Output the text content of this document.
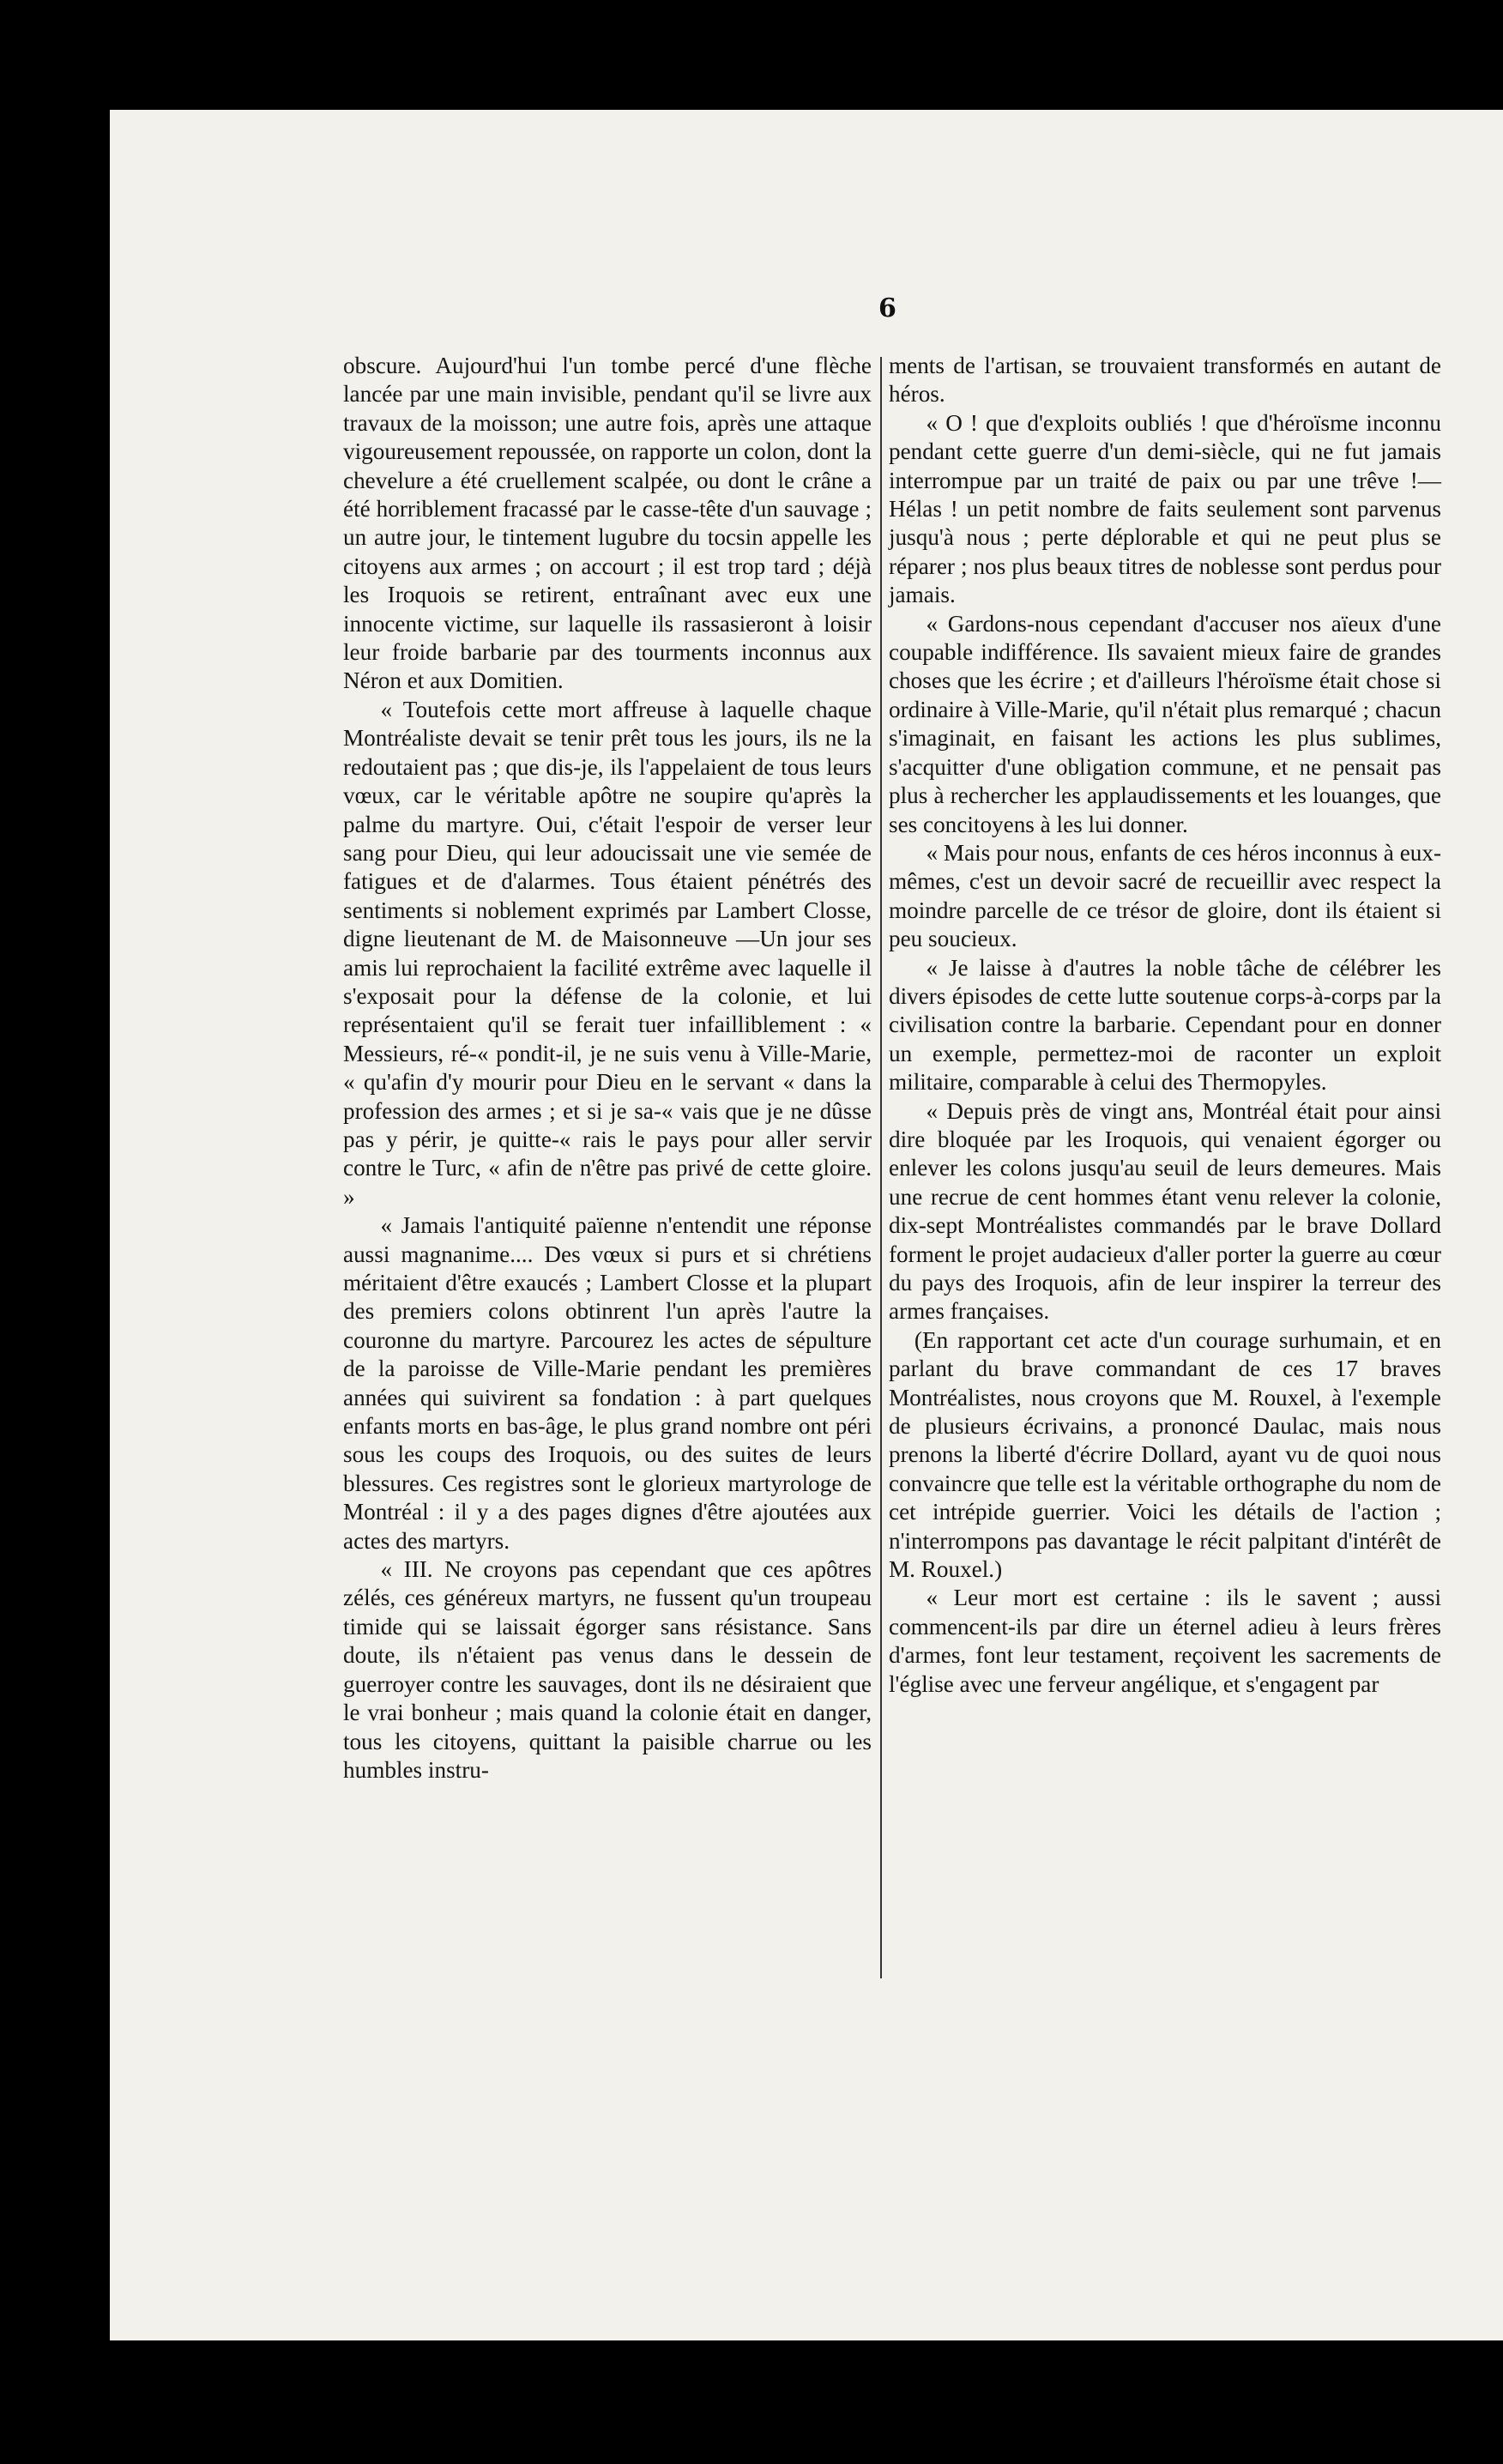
6

obscure. Aujourd'hui l'un tombe percé d'une flèche lancée par une main invisible, pendant qu'il se livre aux travaux de la moisson; une autre fois, après une attaque vigoureusement repoussée, on rapporte un colon, dont la chevelure a été cruellement scalpée, ou dont le crâne a été horriblement fracassé par le casse-tête d'un sauvage ; un autre jour, le tintement lugubre du tocsin appelle les citoyens aux armes ; on accourt ; il est trop tard ; déjà les Iroquois se retirent, entraînant avec eux une innocente victime, sur laquelle ils rassasieront à loisir leur froide barbarie par des tourments inconnus aux Néron et aux Domitien.

« Toutefois cette mort affreuse à laquelle chaque Montréaliste devait se tenir prêt tous les jours, ils ne la redoutaient pas ; que dis-je, ils l'appelaient de tous leurs vœux, car le véritable apôtre ne soupire qu'après la palme du martyre. Oui, c'était l'espoir de verser leur sang pour Dieu, qui leur adoucissait une vie semée de fatigues et de d'alarmes. Tous étaient pénétrés des sentiments si noblement exprimés par Lambert Closse, digne lieutenant de M. de Maisonneuve —Un jour ses amis lui reprochaient la facilité extrême avec laquelle il s'exposait pour la défense de la colonie, et lui représentaient qu'il se ferait tuer infailliblement : « Messieurs, ré-« pondit-il, je ne suis venu à Ville-Marie, « qu'afin d'y mourir pour Dieu en le servant « dans la profession des armes ; et si je sa-« vais que je ne dûsse pas y périr, je quitte-« rais le pays pour aller servir contre le Turc, « afin de n'être pas privé de cette gloire. »

« Jamais l'antiquité païenne n'entendit une réponse aussi magnanime.... Des vœux si purs et si chrétiens méritaient d'être exaucés ; Lambert Closse et la plupart des premiers colons obtinrent l'un après l'autre la couronne du martyre. Parcourez les actes de sépulture de la paroisse de Ville-Marie pendant les premières années qui suivirent sa fondation : à part quelques enfants morts en bas-âge, le plus grand nombre ont péri sous les coups des Iroquois, ou des suites de leurs blessures. Ces registres sont le glorieux martyrologe de Montréal : il y a des pages dignes d'être ajoutées aux actes des martyrs.

« III. Ne croyons pas cependant que ces apôtres zélés, ces généreux martyrs, ne fussent qu'un troupeau timide qui se laissait égorger sans résistance. Sans doute, ils n'étaient pas venus dans le dessein de guerroyer contre les sauvages, dont ils ne désiraient que le vrai bonheur ; mais quand la colonie était en danger, tous les citoyens, quittant la paisible charrue ou les humbles instru-

ments de l'artisan, se trouvaient transformés en autant de héros.

« O ! que d'exploits oubliés ! que d'héroïsme inconnu pendant cette guerre d'un demi-siècle, qui ne fut jamais interrompue par un traité de paix ou par une trêve !—Hélas ! un petit nombre de faits seulement sont parvenus jusqu'à nous ; perte déplorable et qui ne peut plus se réparer ; nos plus beaux titres de noblesse sont perdus pour jamais.

« Gardons-nous cependant d'accuser nos aïeux d'une coupable indifférence. Ils savaient mieux faire de grandes choses que les écrire ; et d'ailleurs l'héroïsme était chose si ordinaire à Ville-Marie, qu'il n'était plus remarqué ; chacun s'imaginait, en faisant les actions les plus sublimes, s'acquitter d'une obligation commune, et ne pensait pas plus à rechercher les applaudissements et les louanges, que ses concitoyens à les lui donner.

« Mais pour nous, enfants de ces héros inconnus à eux-mêmes, c'est un devoir sacré de recueillir avec respect la moindre parcelle de ce trésor de gloire, dont ils étaient si peu soucieux.

« Je laisse à d'autres la noble tâche de célébrer les divers épisodes de cette lutte soutenue corps-à-corps par la civilisation contre la barbarie. Cependant pour en donner un exemple, permettez-moi de raconter un exploit militaire, comparable à celui des Thermopyles.

« Depuis près de vingt ans, Montréal était pour ainsi dire bloquée par les Iroquois, qui venaient égorger ou enlever les colons jusqu'au seuil de leurs demeures. Mais une recrue de cent hommes étant venu relever la colonie, dix-sept Montréalistes commandés par le brave Dollard forment le projet audacieux d'aller porter la guerre au cœur du pays des Iroquois, afin de leur inspirer la terreur des armes françaises.

(En rapportant cet acte d'un courage surhumain, et en parlant du brave commandant de ces 17 braves Montréalistes, nous croyons que M. Rouxel, à l'exemple de plusieurs écrivains, a prononcé Daulac, mais nous prenons la liberté d'écrire Dollard, ayant vu de quoi nous convaincre que telle est la véritable orthographe du nom de cet intrépide guerrier. Voici les détails de l'action ; n'interrompons pas davantage le récit palpitant d'intérêt de M. Rouxel.)

« Leur mort est certaine : ils le savent ; aussi commencent-ils par dire un éternel adieu à leurs frères d'armes, font leur testament, reçoivent les sacrements de l'église avec une ferveur angélique, et s'engagent par
